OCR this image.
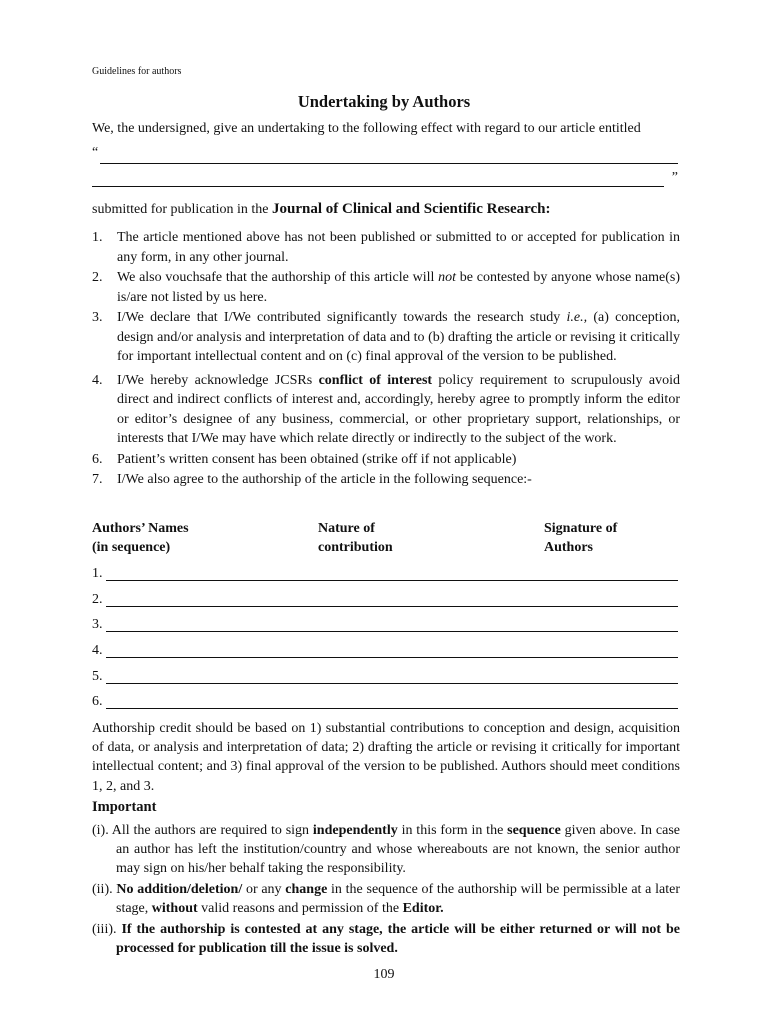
Guidelines for authors
Undertaking by Authors
We, the undersigned, give an undertaking to the following effect with regard to our article entitled
“
”
submitted for publication in the Journal of Clinical and Scientific Research:
1. The article mentioned above has not been published or submitted to or accepted for publication in any form, in any other journal.
2. We also vouchsafe that the authorship of this article will not be contested by anyone whose name(s) is/are not listed by us here.
3. I/We declare that I/We contributed significantly towards the research study i.e., (a) conception, design and/or analysis and interpretation of data and to (b) drafting the article or revising it critically for important intellectual content and on (c) final approval of the version to be published.
4. I/We hereby acknowledge JCSRs conflict of interest policy requirement to scrupulously avoid direct and indirect conflicts of interest and, accordingly, hereby agree to promptly inform the editor or editor’s designee of any business, commercial, or other proprietary support, relationships, or interests that I/We may have which relate directly or indirectly to the subject of the work.
6. Patient’s written consent has been obtained (strike off if not applicable)
7. I/We also agree to the authorship of the article in the following sequence:-
Authors’ Names
(in sequence)
Nature of
contribution
Signature of
Authors
1.
2.
3.
4.
5.
6.
Authorship credit should be based on 1) substantial contributions to conception and design, acquisition of data, or analysis and interpretation of data; 2) drafting the article or revising it critically for important intellectual content; and 3) final approval of the version to be published. Authors should meet conditions 1, 2, and 3.
Important
(i). All the authors are required to sign independently in this form in the sequence given above. In case an author has left the institution/country and whose whereabouts are not known, the senior author may sign on his/her behalf taking the responsibility.
(ii). No addition/deletion/ or any change in the sequence of the authorship will be permissible at a later stage, without valid reasons and permission of the Editor.
(iii). If the authorship is contested at any stage, the article will be either returned or will not be processed for publication till the issue is solved.
109
